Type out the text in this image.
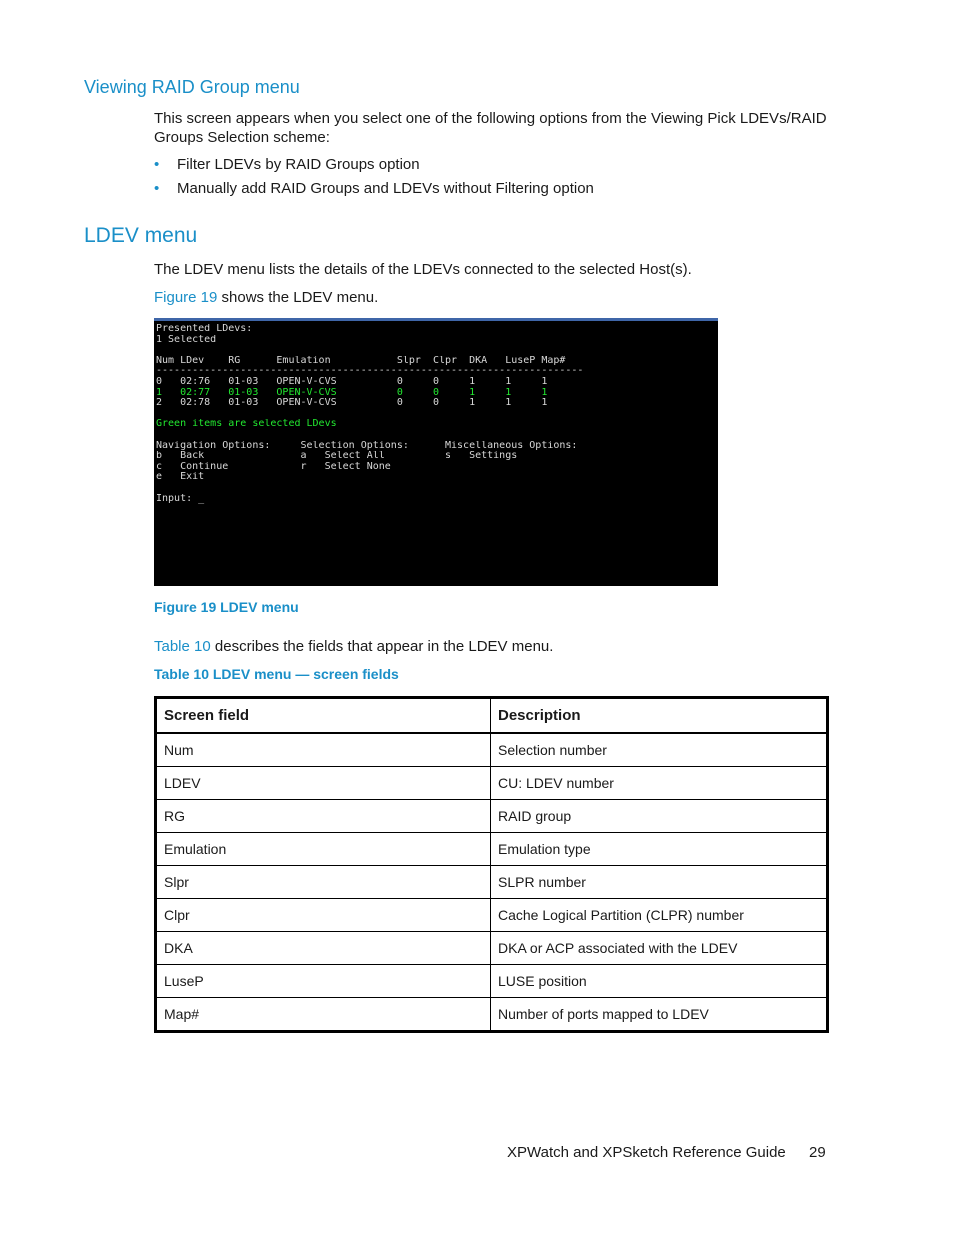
Viewing RAID Group menu
This screen appears when you select one of the following options from the Viewing Pick LDEVs/RAID Groups Selection scheme:
• Filter LDEVs by RAID Groups option
• Manually add RAID Groups and LDEVs without Filtering option
LDEV menu
The LDEV menu lists the details of the LDEVs connected to the selected Host(s).
Figure 19 shows the LDEV menu.
Presented LDevs:
1 Selected
Num LDev    RG      Emulation           Slpr  Clpr  DKA   LuseP Map#
-----------------------------------------------------------------------
0   02:76   01-03   OPEN-V-CVS          0     0     1     1     1
1   02:77   01-03   OPEN-V-CVS          0     0     1     1     1
2   02:78   01-03   OPEN-V-CVS          0     0     1     1     1
Green items are selected LDevs
Navigation Options:     Selection Options:      Miscellaneous Options:
b   Back                a   Select All          s   Settings
c   Continue            r   Select None
e   Exit
Input: _
Figure 19 LDEV menu
Table 10 describes the fields that appear in the LDEV menu.
Table 10 LDEV menu — screen fields
Screen field	Description
Num	Selection number
LDEV	CU: LDEV number
RG	RAID group
Emulation	Emulation type
Slpr	SLPR number
Clpr	Cache Logical Partition (CLPR) number
DKA	DKA or ACP associated with the LDEV
LuseP	LUSE position
Map#	Number of ports mapped to LDEV
XPWatch and XPSketch Reference Guide 29
